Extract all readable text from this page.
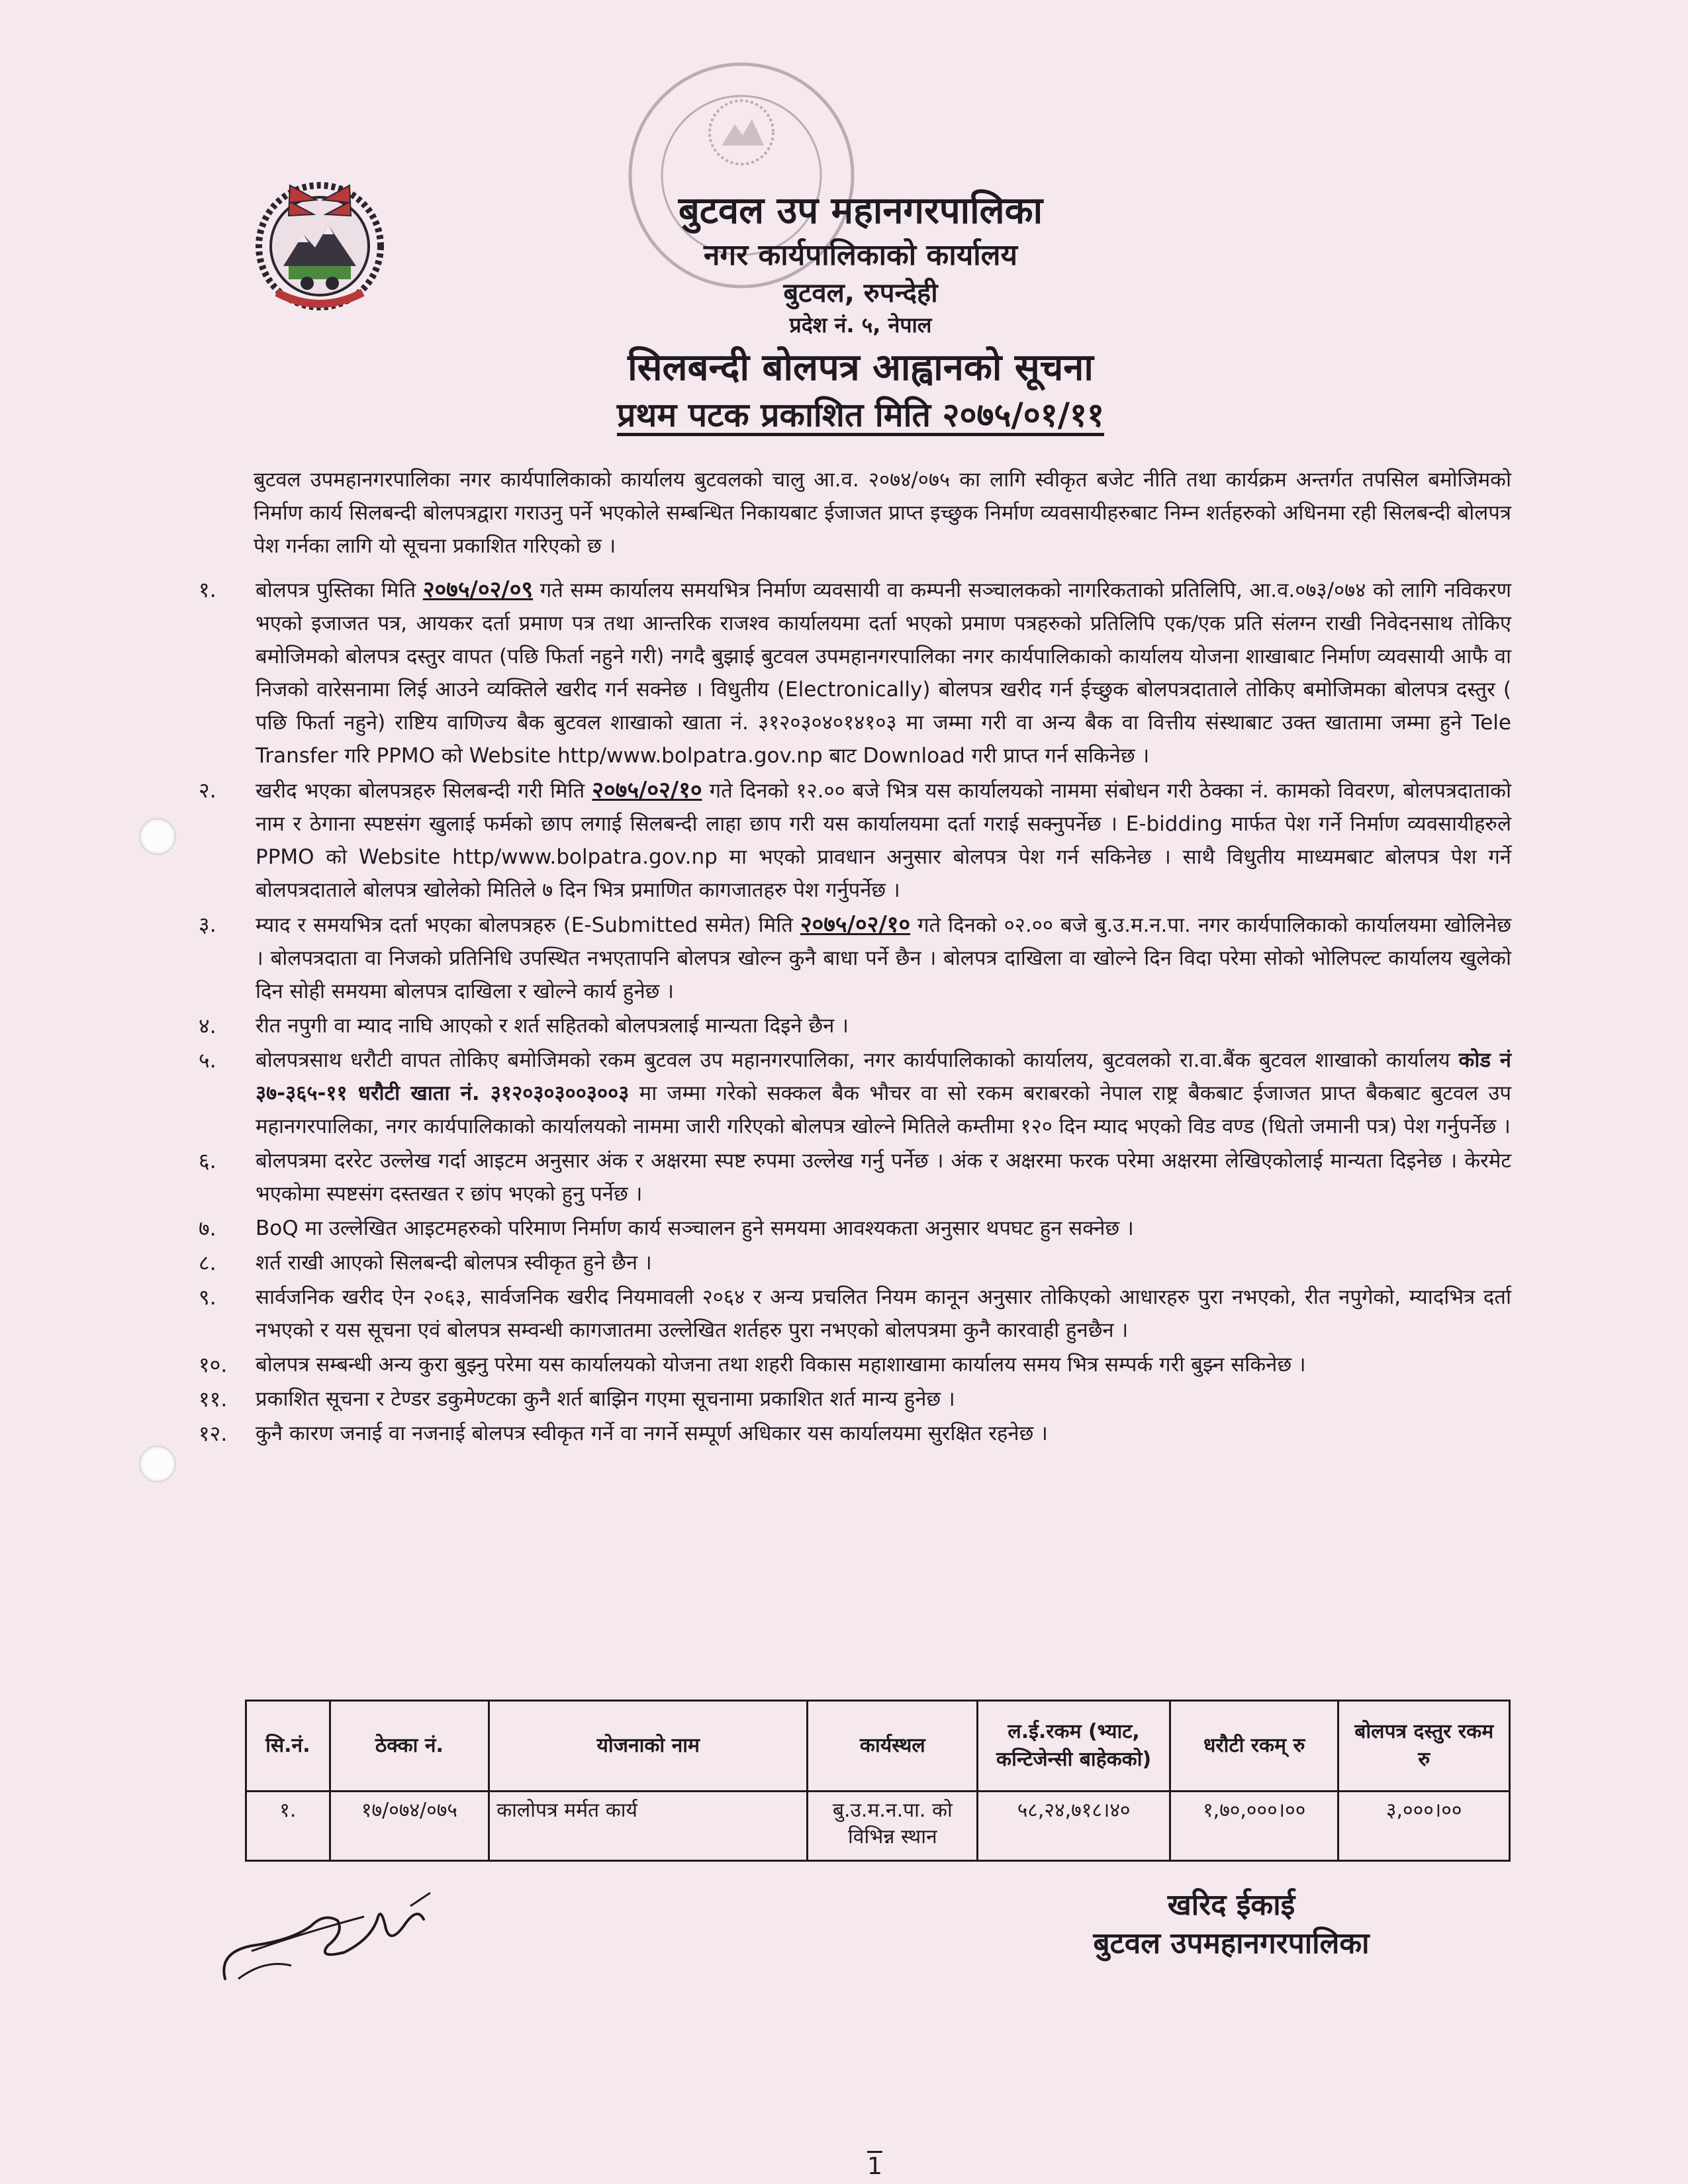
बुटवल उप महानगरपालिका
नगर कार्यपालिकाको कार्यालय
बुटवल, रुपन्देही
प्रदेश नं. ५, नेपाल
सिलबन्दी बोलपत्र आह्वानको सूचना
प्रथम पटक प्रकाशित मिति २०७५/०१/११
बुटवल उपमहानगरपालिका नगर कार्यपालिकाको कार्यालय बुटवलको चालु आ.व. २०७४/०७५ का लागि स्वीकृत बजेट नीति तथा कार्यक्रम अन्तर्गत तपसिल बमोजिमको निर्माण कार्य सिलबन्दी बोलपत्रद्वारा गराउनु पर्ने भएकोले सम्बन्धित निकायबाट ईजाजत प्राप्त इच्छुक निर्माण व्यवसायीहरुबाट निम्न शर्तहरुको अधिनमा रही सिलबन्दी बोलपत्र पेश गर्नका लागि यो सूचना प्रकाशित गरिएको छ ।
१.	बोलपत्र पुस्तिका मिति २०७५/०२/०९ गते सम्म कार्यालय समयभित्र निर्माण व्यवसायी वा कम्पनी सञ्चालकको नागरिकताको प्रतिलिपि, आ.व.०७३/०७४ को लागि नविकरण भएको इजाजत पत्र, आयकर दर्ता प्रमाण पत्र तथा आन्तरिक राजश्व कार्यालयमा दर्ता भएको प्रमाण पत्रहरुको प्रतिलिपि एक/एक प्रति संलग्न राखी निवेदनसाथ तोकिए बमोजिमको बोलपत्र दस्तुर वापत (पछि फिर्ता नहुने गरी) नगदै बुझाई बुटवल उपमहानगरपालिका नगर कार्यपालिकाको कार्यालय योजना शाखाबाट निर्माण व्यवसायी आफै वा निजको वारेसनामा लिई आउने व्यक्तिले खरीद गर्न सक्नेछ । विधुतीय (Electronically) बोलपत्र खरीद गर्न ईच्छुक बोलपत्रदाताले तोकिए बमोजिमका बोलपत्र दस्तुर ( पछि फिर्ता नहुने) राष्टिय वाणिज्य बैक बुटवल शाखाको खाता नं. ३१२०३०४०१४१०३ मा जम्मा गरी वा अन्य बैक वा वित्तीय संस्थाबाट उक्त खातामा जम्मा हुने Tele Transfer गरि PPMO को Website http/www.bolpatra.gov.np बाट Download गरी प्राप्त गर्न सकिनेछ ।
२.	खरीद भएका बोलपत्रहरु सिलबन्दी गरी मिति २०७५/०२/१० गते दिनको १२.०० बजे भित्र यस कार्यालयको नाममा संबोधन गरी ठेक्का नं. कामको विवरण, बोलपत्रदाताको नाम र ठेगाना स्पष्टसंग खुलाई फर्मको छाप लगाई सिलबन्दी लाहा छाप गरी यस कार्यालयमा दर्ता गराई सक्नुपर्नेछ । E-bidding मार्फत पेश गर्ने निर्माण व्यवसायीहरुले PPMO को Website http/www.bolpatra.gov.np मा भएको प्रावधान अनुसार बोलपत्र पेश गर्न सकिनेछ । साथै विधुतीय माध्यमबाट बोलपत्र पेश गर्ने बोलपत्रदाताले बोलपत्र खोलेको मितिले ७ दिन भित्र प्रमाणित कागजातहरु पेश गर्नुपर्नेछ ।
३.	म्याद र समयभित्र दर्ता भएका बोलपत्रहरु (E-Submitted समेत) मिति २०७५/०२/१० गते दिनको ०२.०० बजे बु.उ.म.न.पा. नगर कार्यपालिकाको कार्यालयमा खोलिनेछ । बोलपत्रदाता वा निजको प्रतिनिधि उपस्थित नभएतापनि बोलपत्र खोल्न कुनै बाधा पर्ने छैन । बोलपत्र दाखिला वा खोल्ने दिन विदा परेमा सोको भोलिपल्ट कार्यालय खुलेको दिन सोही समयमा बोलपत्र दाखिला र खोल्ने कार्य हुनेछ ।
४.	रीत नपुगी वा म्याद नाघि आएको र शर्त सहितको बोलपत्रलाई मान्यता दिइने छैन ।
५.	बोलपत्रसाथ धरौटी वापत तोकिए बमोजिमको रकम बुटवल उप महानगरपालिका, नगर कार्यपालिकाको कार्यालय, बुटवलको रा.वा.बैंक बुटवल शाखाको कार्यालय कोड नं ३७-३६५-११ धरौटी खाता नं. ३१२०३०३००३००३ मा जम्मा गरेको सक्कल बैक भौचर वा सो रकम बराबरको नेपाल राष्ट्र बैकबाट ईजाजत प्राप्त बैकबाट बुटवल उप महानगरपालिका, नगर कार्यपालिकाको कार्यालयको नाममा जारी गरिएको बोलपत्र खोल्ने मितिले कम्तीमा १२० दिन म्याद भएको विड वण्ड (धितो जमानी पत्र) पेश गर्नुपर्नेछ ।
६.	बोलपत्रमा दररेट उल्लेख गर्दा आइटम अनुसार अंक र अक्षरमा स्पष्ट रुपमा उल्लेख गर्नु पर्नेछ । अंक र अक्षरमा फरक परेमा अक्षरमा लेखिएकोलाई मान्यता दिइनेछ । केरमेट भएकोमा स्पष्टसंग दस्तखत र छांप भएको हुनु पर्नेछ ।
७.	BoQ मा उल्लेखित आइटमहरुको परिमाण निर्माण कार्य सञ्चालन हुने समयमा आवश्यकता अनुसार थपघट हुन सक्नेछ ।
८.	शर्त राखी आएको सिलबन्दी बोलपत्र स्वीकृत हुने छैन ।
९.	सार्वजनिक खरीद ऐन २०६३, सार्वजनिक खरीद नियमावली २०६४ र अन्य प्रचलित नियम कानून अनुसार तोकिएको आधारहरु पुरा नभएको, रीत नपुगेको, म्यादभित्र दर्ता नभएको र यस सूचना एवं बोलपत्र सम्वन्धी कागजातमा उल्लेखित शर्तहरु पुरा नभएको बोलपत्रमा कुनै कारवाही हुनछैन ।
१०.	बोलपत्र सम्बन्धी अन्य कुरा बुझ्नु परेमा यस कार्यालयको योजना तथा शहरी विकास महाशाखामा कार्यालय समय भित्र सम्पर्क गरी बुझ्न सकिनेछ ।
११.	प्रकाशित सूचना र टेण्डर डकुमेण्टका कुनै शर्त बाझिन गएमा सूचनामा प्रकाशित शर्त मान्य हुनेछ ।
१२.	कुनै कारण जनाई वा नजनाई बोलपत्र स्वीकृत गर्ने वा नगर्ने सम्पूर्ण अधिकार यस कार्यालयमा सुरक्षित रहनेछ ।
सि.नं.	ठेक्का नं.	योजनाको नाम	कार्यस्थल	ल.ई.रकम (भ्याट, कन्टिजेन्सी बाहेकको)	धरौटी रकम् रु	बोलपत्र दस्तुर रकम रु
१.	१७/०७४/०७५	कालोपत्र मर्मत कार्य	बु.उ.म.न.पा. को विभिन्न स्थान	५८,२४,७१८।४०	१,७०,०००।००	३,०००।००
खरिद ईकाई
बुटवल उपमहानगरपालिका
1
